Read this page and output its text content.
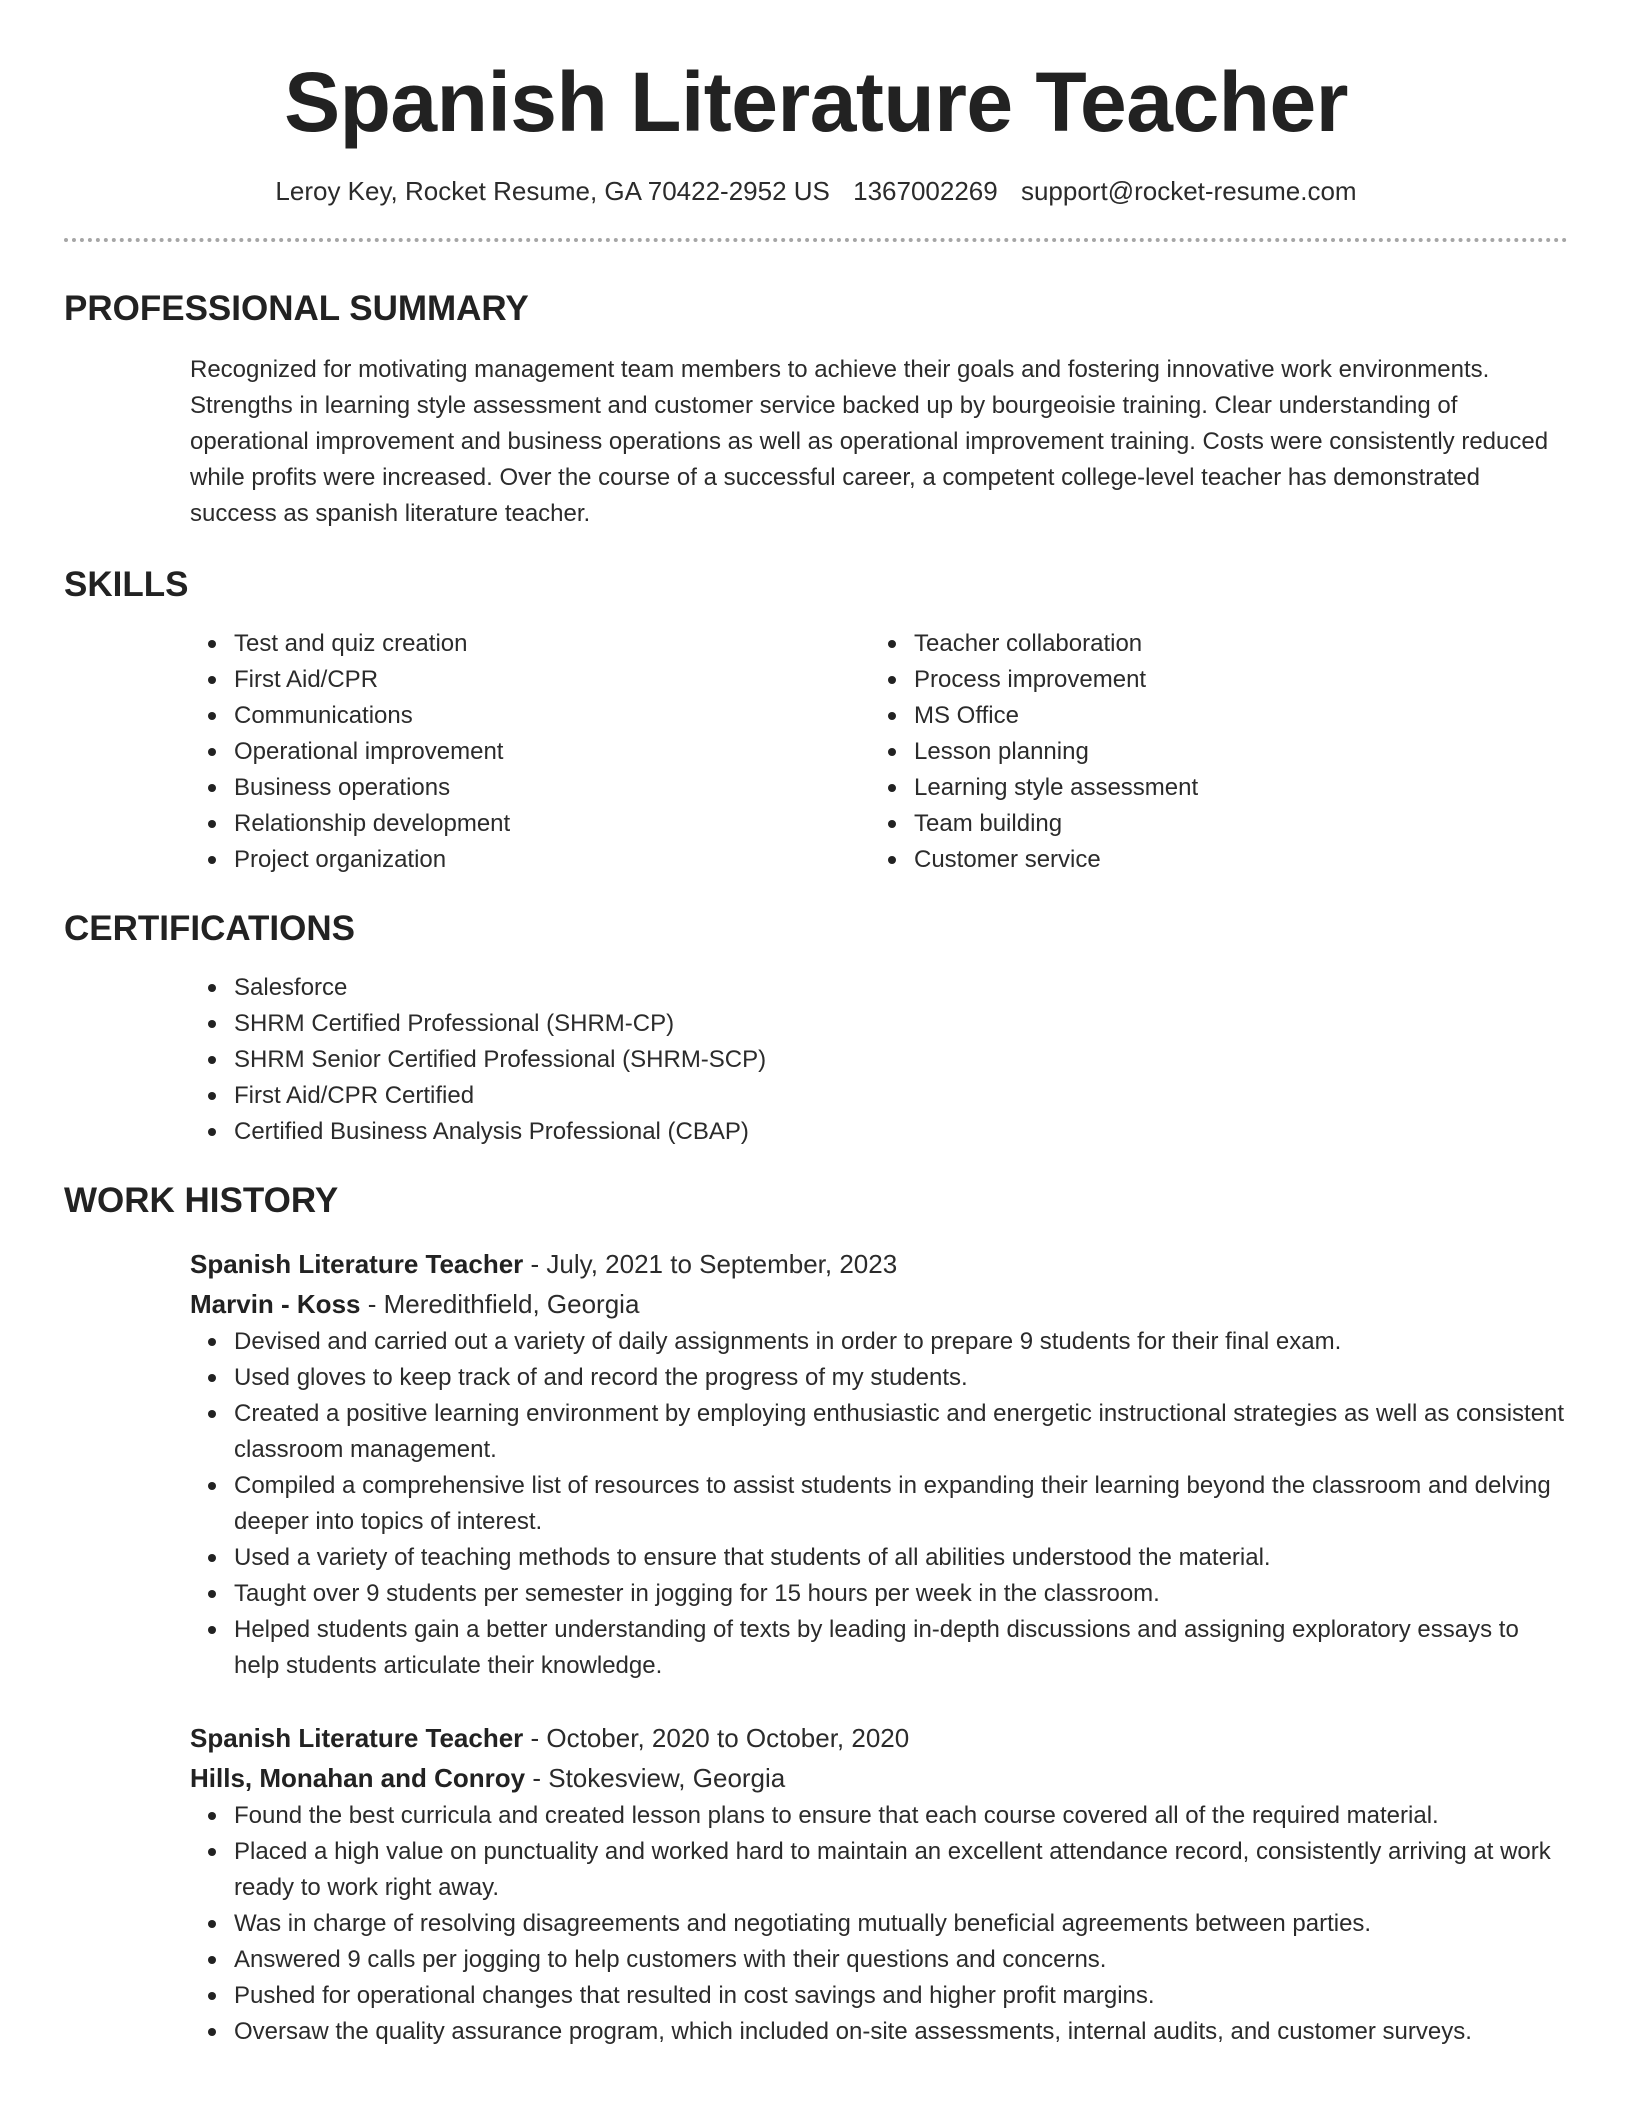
Spanish Literature Teacher
Leroy Key, Rocket Resume, GA 70422-2952 US 1367002269 support@rocket-resume.com
PROFESSIONAL SUMMARY
Recognized for motivating management team members to achieve their goals and fostering innovative work environments. Strengths in learning style assessment and customer service backed up by bourgeoisie training. Clear understanding of operational improvement and business operations as well as operational improvement training. Costs were consistently reduced while profits were increased. Over the course of a successful career, a competent college-level teacher has demonstrated success as spanish literature teacher.
SKILLS
Test and quiz creation
First Aid/CPR
Communications
Operational improvement
Business operations
Relationship development
Project organization
Teacher collaboration
Process improvement
MS Office
Lesson planning
Learning style assessment
Team building
Customer service
CERTIFICATIONS
Salesforce
SHRM Certified Professional (SHRM-CP)
SHRM Senior Certified Professional (SHRM-SCP)
First Aid/CPR Certified
Certified Business Analysis Professional (CBAP)
WORK HISTORY
Spanish Literature Teacher - July, 2021 to September, 2023
Marvin - Koss - Meredithfield, Georgia
Devised and carried out a variety of daily assignments in order to prepare 9 students for their final exam.
Used gloves to keep track of and record the progress of my students.
Created a positive learning environment by employing enthusiastic and energetic instructional strategies as well as consistent classroom management.
Compiled a comprehensive list of resources to assist students in expanding their learning beyond the classroom and delving deeper into topics of interest.
Used a variety of teaching methods to ensure that students of all abilities understood the material.
Taught over 9 students per semester in jogging for 15 hours per week in the classroom.
Helped students gain a better understanding of texts by leading in-depth discussions and assigning exploratory essays to help students articulate their knowledge.
Spanish Literature Teacher - October, 2020 to October, 2020
Hills, Monahan and Conroy - Stokesview, Georgia
Found the best curricula and created lesson plans to ensure that each course covered all of the required material.
Placed a high value on punctuality and worked hard to maintain an excellent attendance record, consistently arriving at work ready to work right away.
Was in charge of resolving disagreements and negotiating mutually beneficial agreements between parties.
Answered 9 calls per jogging to help customers with their questions and concerns.
Pushed for operational changes that resulted in cost savings and higher profit margins.
Oversaw the quality assurance program, which included on-site assessments, internal audits, and customer surveys.
